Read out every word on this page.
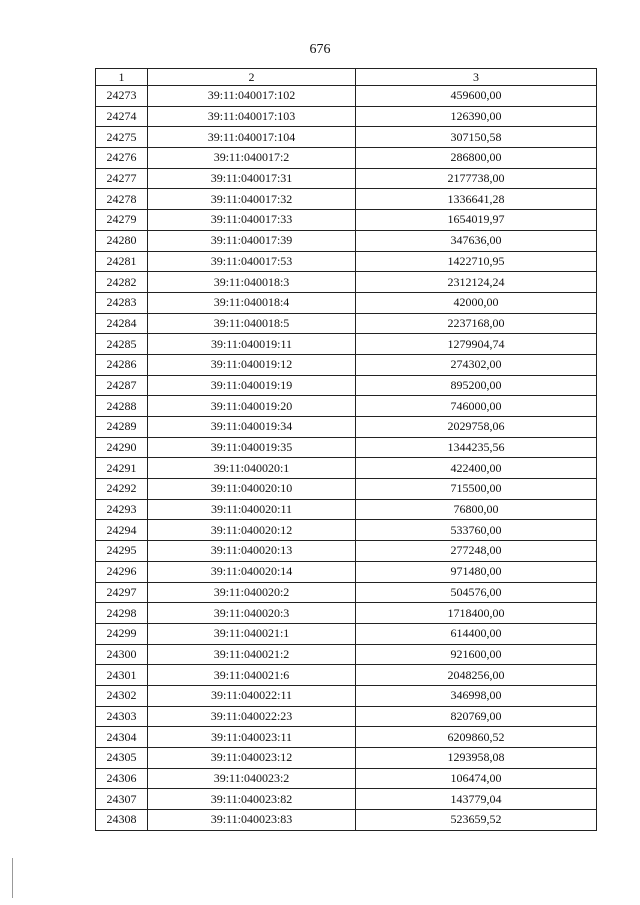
676
1	2	3
24273	39:11:040017:102	459600,00
24274	39:11:040017:103	126390,00
24275	39:11:040017:104	307150,58
24276	39:11:040017:2	286800,00
24277	39:11:040017:31	2177738,00
24278	39:11:040017:32	1336641,28
24279	39:11:040017:33	1654019,97
24280	39:11:040017:39	347636,00
24281	39:11:040017:53	1422710,95
24282	39:11:040018:3	2312124,24
24283	39:11:040018:4	42000,00
24284	39:11:040018:5	2237168,00
24285	39:11:040019:11	1279904,74
24286	39:11:040019:12	274302,00
24287	39:11:040019:19	895200,00
24288	39:11:040019:20	746000,00
24289	39:11:040019:34	2029758,06
24290	39:11:040019:35	1344235,56
24291	39:11:040020:1	422400,00
24292	39:11:040020:10	715500,00
24293	39:11:040020:11	76800,00
24294	39:11:040020:12	533760,00
24295	39:11:040020:13	277248,00
24296	39:11:040020:14	971480,00
24297	39:11:040020:2	504576,00
24298	39:11:040020:3	1718400,00
24299	39:11:040021:1	614400,00
24300	39:11:040021:2	921600,00
24301	39:11:040021:6	2048256,00
24302	39:11:040022:11	346998,00
24303	39:11:040022:23	820769,00
24304	39:11:040023:11	6209860,52
24305	39:11:040023:12	1293958,08
24306	39:11:040023:2	106474,00
24307	39:11:040023:82	143779,04
24308	39:11:040023:83	523659,52
